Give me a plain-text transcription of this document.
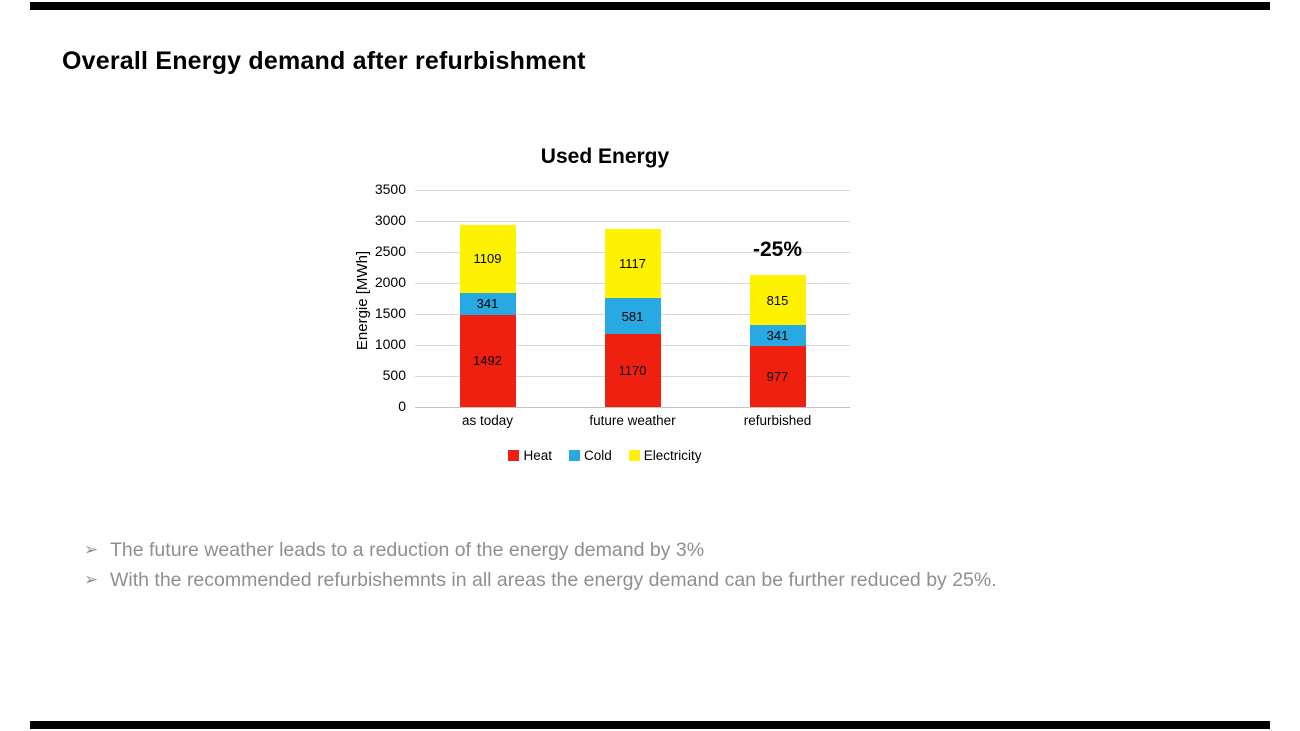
Overall Energy demand after refurbishment
Used Energy
Energie [MWh]
0
500
1000
1500
2000
2500
3000
3500
1492
341
1109
as today
1170
581
1117
future weather
977
341
815
refurbished
-25%
Heat Cold Electricity
➢ The future weather leads to a reduction of the energy demand by 3%
➢ With the recommended refurbishemnts in all areas the energy demand can be further reduced by 25%.
